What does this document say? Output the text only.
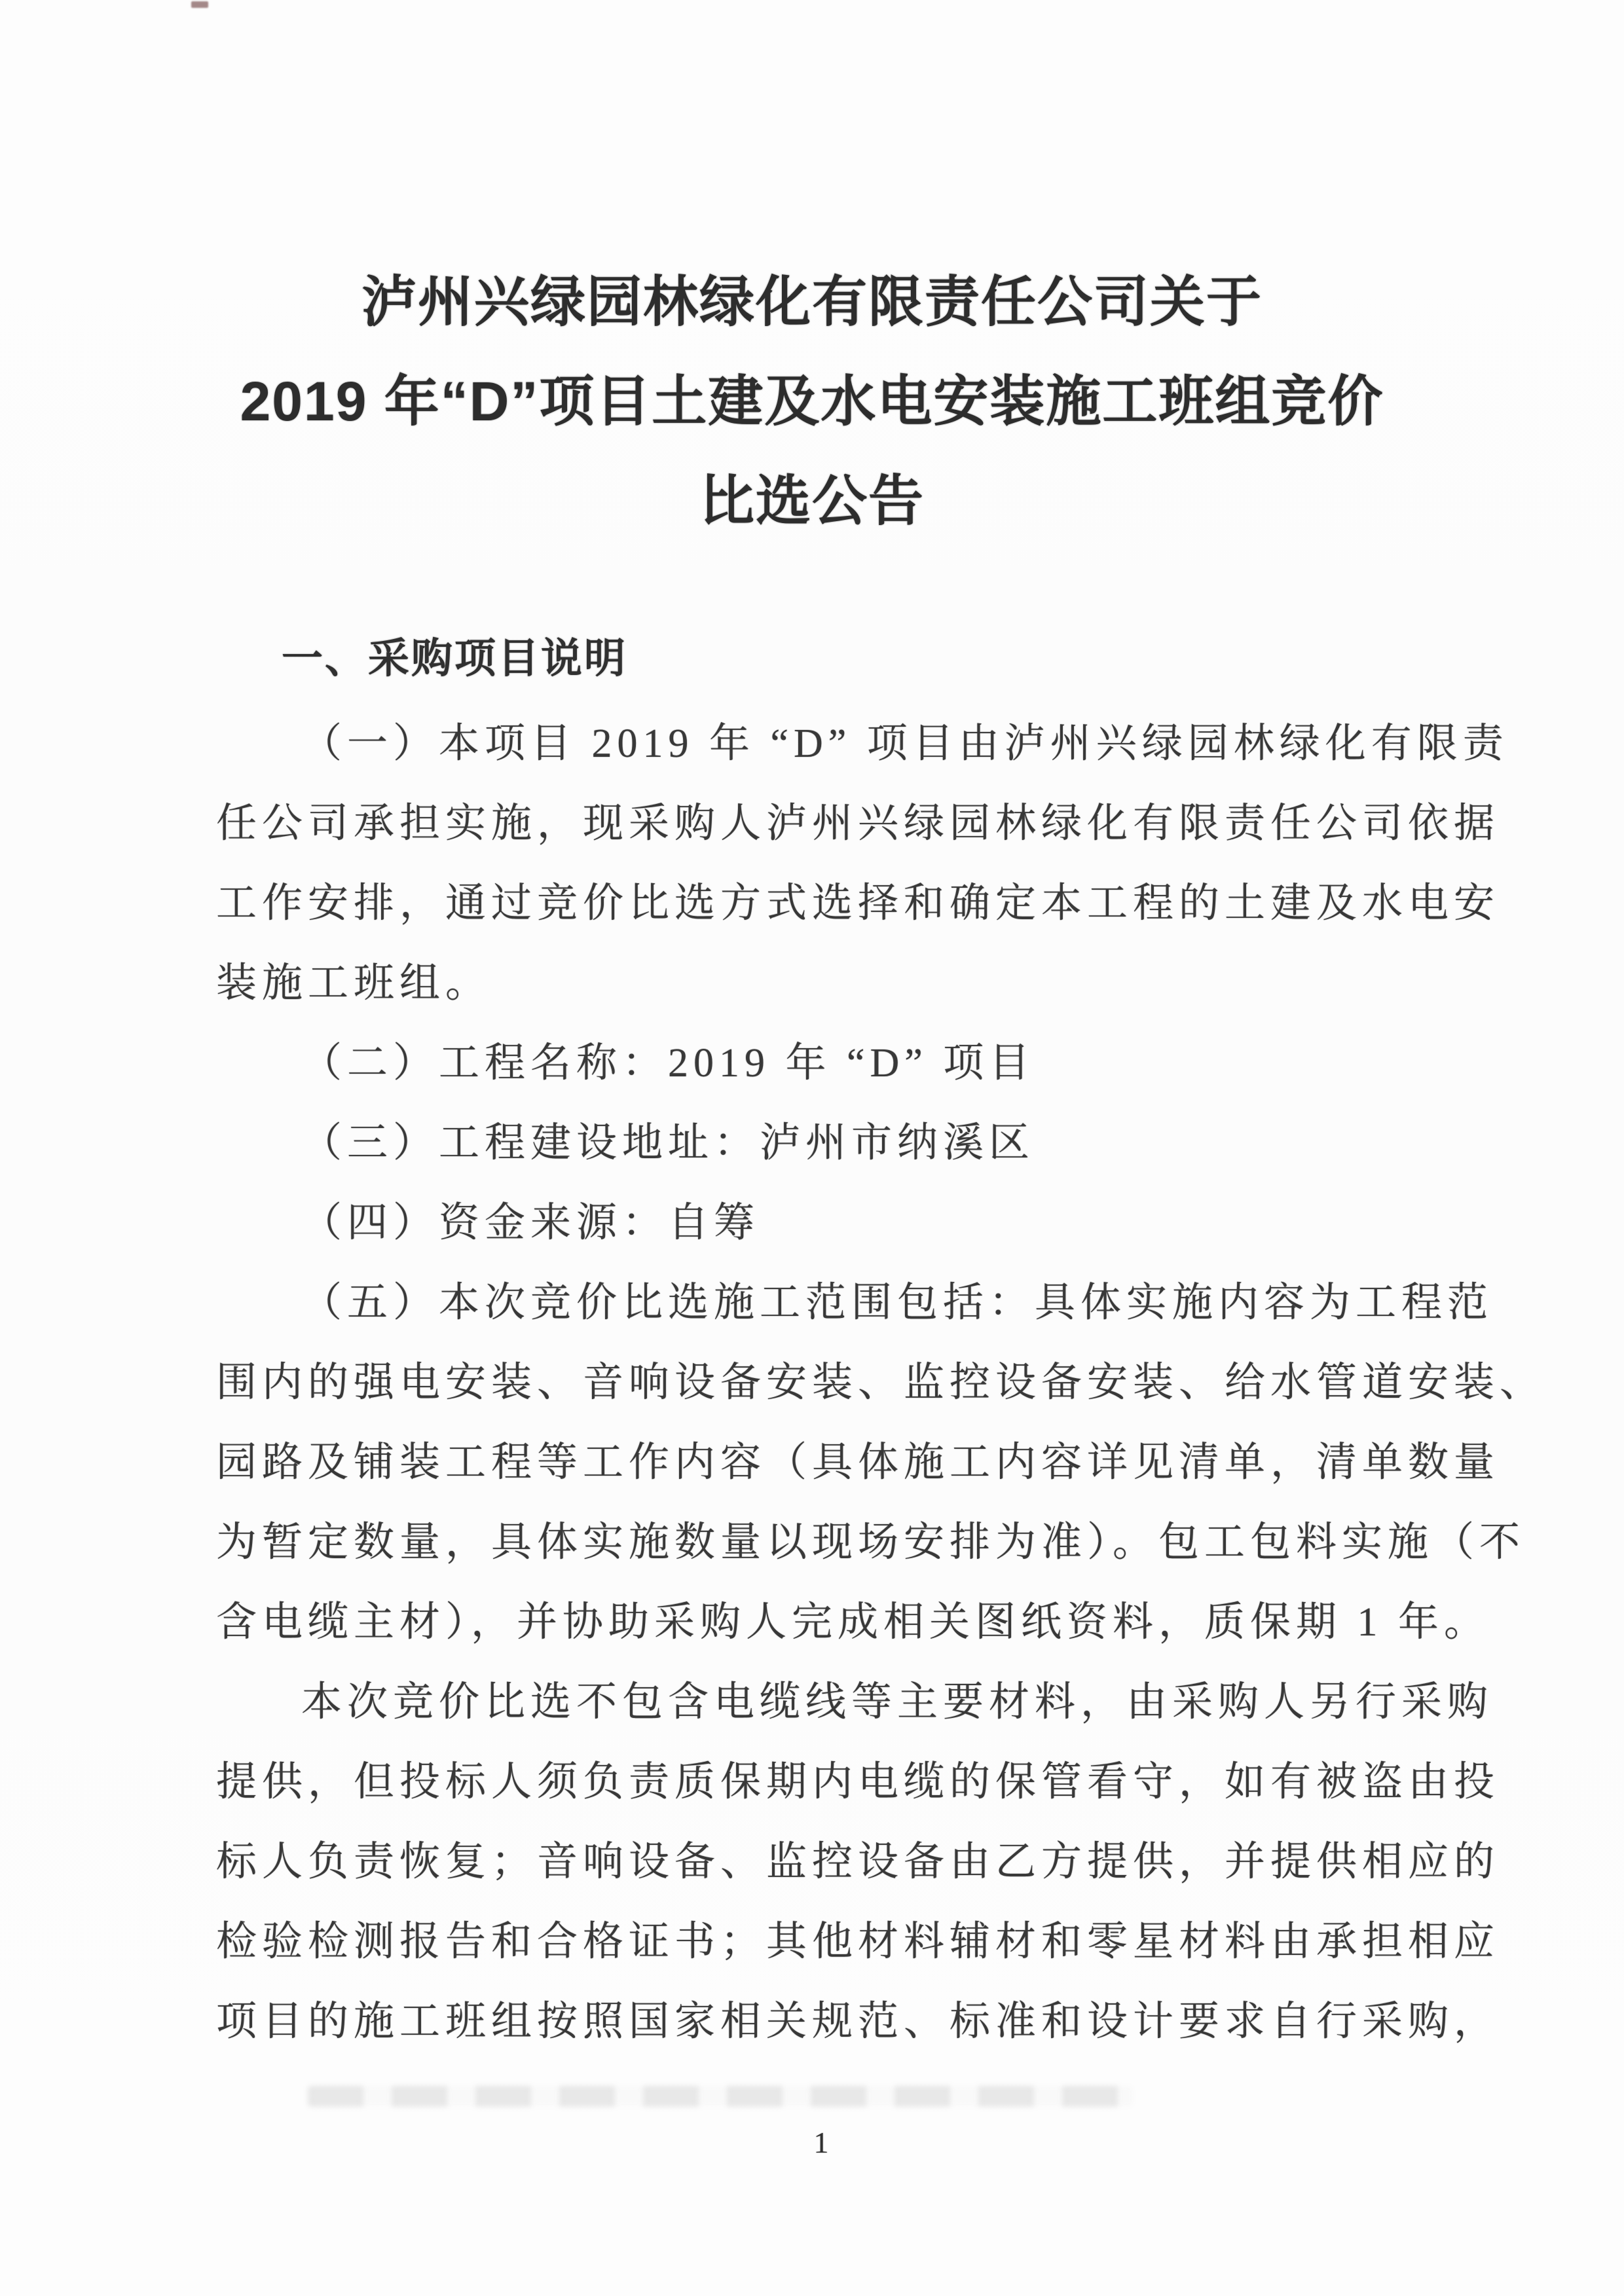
泸州兴绿园林绿化有限责任公司关于
2019 年“D”项目土建及水电安装施工班组竞价
比选公告
一、采购项目说明
（一）本项目 2019 年 “D” 项目由泸州兴绿园林绿化有限责
任公司承担实施，现采购人泸州兴绿园林绿化有限责任公司依据
工作安排，通过竞价比选方式选择和确定本工程的土建及水电安
装施工班组。
（二）工程名称：2019 年 “D” 项目
（三）工程建设地址：泸州市纳溪区
（四）资金来源：自筹
（五）本次竞价比选施工范围包括：具体实施内容为工程范
围内的强电安装、音响设备安装、监控设备安装、给水管道安装、
园路及铺装工程等工作内容（具体施工内容详见清单，清单数量
为暂定数量，具体实施数量以现场安排为准）。包工包料实施（不
含电缆主材），并协助采购人完成相关图纸资料，质保期 1 年。
本次竞价比选不包含电缆线等主要材料，由采购人另行采购
提供，但投标人须负责质保期内电缆的保管看守，如有被盗由投
标人负责恢复；音响设备、监控设备由乙方提供，并提供相应的
检验检测报告和合格证书；其他材料辅材和零星材料由承担相应
项目的施工班组按照国家相关规范、标准和设计要求自行采购，
1
